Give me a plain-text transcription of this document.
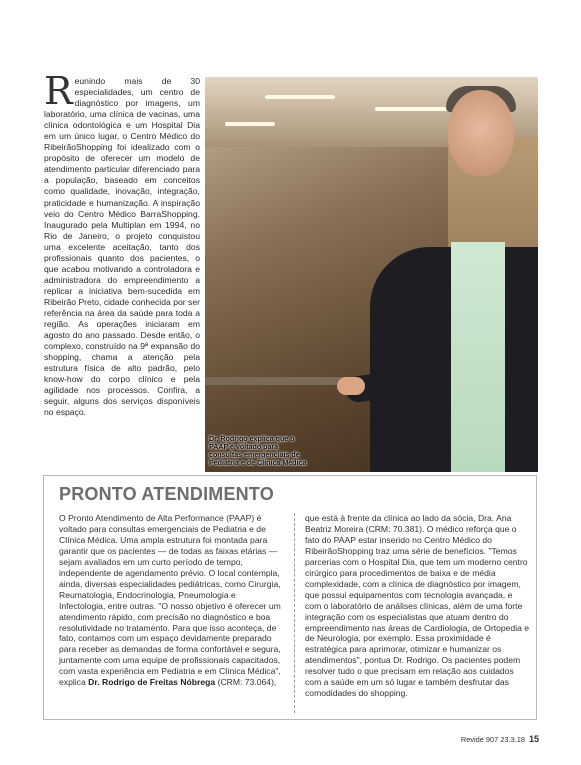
Reunindo mais de 30 especialidades, um centro de diagnóstico por imagens, um laboratório, uma clínica de vacinas, uma clínica odontológica e um Hospital Dia em um único lugar, o Centro Médico do RibeirãoShopping foi idealizado com o propósito de oferecer um modelo de atendimento particular diferenciado para a população, baseado em conceitos como qualidade, inovação, integração, praticidade e humanização. A inspiração veio do Centro Médico BarraShopping. Inaugurado pela Multiplan em 1994, no Rio de Janeiro, o projeto conquistou uma excelente aceitação, tanto dos profissionais quanto dos pacientes, o que acabou motivando a controladora e administradora do empreendimento a replicar a iniciativa bem-sucedida em Ribeirão Preto, cidade conhecida por ser referência na área da saúde para toda a região. As operações iniciaram em agosto do ano passado. Desde então, o complexo, construído na 9ª expansão do shopping, chama a atenção pela estrutura física de alto padrão, pelo know-how do corpo clínico e pela agilidade nos processos. Confira, a seguir, alguns dos serviços disponíveis no espaço.
Dr. Rodrigo explica que o PAAP é voltado para consultas emergenciais de Pediatria e de Clínica Médica
PRONTO ATENDIMENTO
O Pronto Atendimento de Alta Performance (PAAP) é voltado para consultas emergenciais de Pediatria e de Clínica Médica. Uma ampla estrutura foi montada para garantir que os pacientes — de todas as faixas etárias — sejam avaliados em um curto período de tempo, independente de agendamento prévio. O local contempla, ainda, diversas especialidades pediátricas, como Cirurgia, Reumatologia, Endocrinologia, Pneumologia e Infectologia, entre outras. "O nosso objetivo é oferecer um atendimento rápido, com precisão no diagnóstico e boa resolutividade no tratamento. Para que isso aconteça, de fato, contamos com um espaço devidamente preparado para receber as demandas de forma confortável e segura, juntamente com uma equipe de profissionais capacitados, com vasta experiência em Pediatria e em Clínica Médica", explica Dr. Rodrigo de Freitas Nóbrega (CRM: 73.064),
que está à frente da clínica ao lado da sócia, Dra. Ana Beatriz Moreira (CRM: 70.381). O médico reforça que o fato do PAAP estar inserido no Centro Médico do RibeirãoShopping traz uma série de benefícios. "Temos parcerias com o Hospital Dia, que tem um moderno centro cirúrgico para procedimentos de baixa e de média complexidade, com a clínica de diagnóstico por imagem, que possui equipamentos com tecnologia avançada, e com o laboratório de análises clínicas, além de uma forte integração com os especialistas que atuam dentro do empreendimento nas áreas de Cardiologia, de Ortopedia e de Neurologia, por exemplo. Essa proximidade é estratégica para aprimorar, otimizar e humanizar os atendimentos", pontua Dr. Rodrigo. Os pacientes podem resolver tudo o que precisam em relação aos cuidados com a saúde em um só lugar e também desfrutar das comodidades do shopping.
Revide 907 23.3.18 15
